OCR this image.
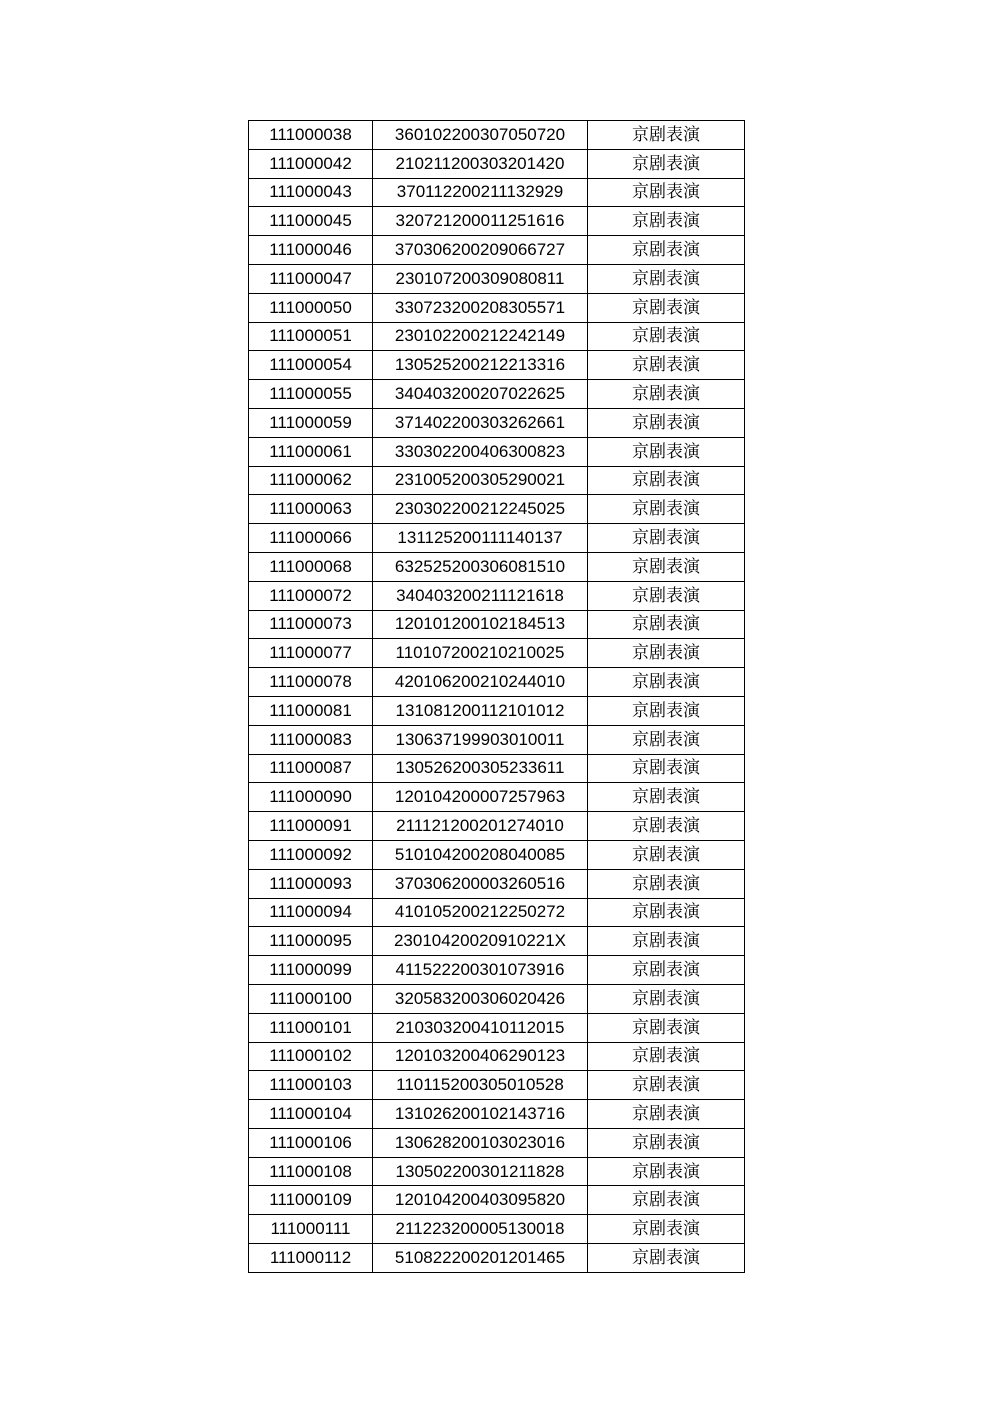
111000038	360102200307050720	京剧表演
111000042	210211200303201420	京剧表演
111000043	370112200211132929	京剧表演
111000045	320721200011251616	京剧表演
111000046	370306200209066727	京剧表演
111000047	230107200309080811	京剧表演
111000050	330723200208305571	京剧表演
111000051	230102200212242149	京剧表演
111000054	130525200212213316	京剧表演
111000055	340403200207022625	京剧表演
111000059	371402200303262661	京剧表演
111000061	330302200406300823	京剧表演
111000062	231005200305290021	京剧表演
111000063	230302200212245025	京剧表演
111000066	131125200111140137	京剧表演
111000068	632525200306081510	京剧表演
111000072	340403200211121618	京剧表演
111000073	120101200102184513	京剧表演
111000077	110107200210210025	京剧表演
111000078	420106200210244010	京剧表演
111000081	131081200112101012	京剧表演
111000083	130637199903010011	京剧表演
111000087	130526200305233611	京剧表演
111000090	120104200007257963	京剧表演
111000091	211121200201274010	京剧表演
111000092	510104200208040085	京剧表演
111000093	370306200003260516	京剧表演
111000094	410105200212250272	京剧表演
111000095	23010420020910221X	京剧表演
111000099	411522200301073916	京剧表演
111000100	320583200306020426	京剧表演
111000101	210303200410112015	京剧表演
111000102	120103200406290123	京剧表演
111000103	110115200305010528	京剧表演
111000104	131026200102143716	京剧表演
111000106	130628200103023016	京剧表演
111000108	130502200301211828	京剧表演
111000109	120104200403095820	京剧表演
111000111	211223200005130018	京剧表演
111000112	510822200201201465	京剧表演
